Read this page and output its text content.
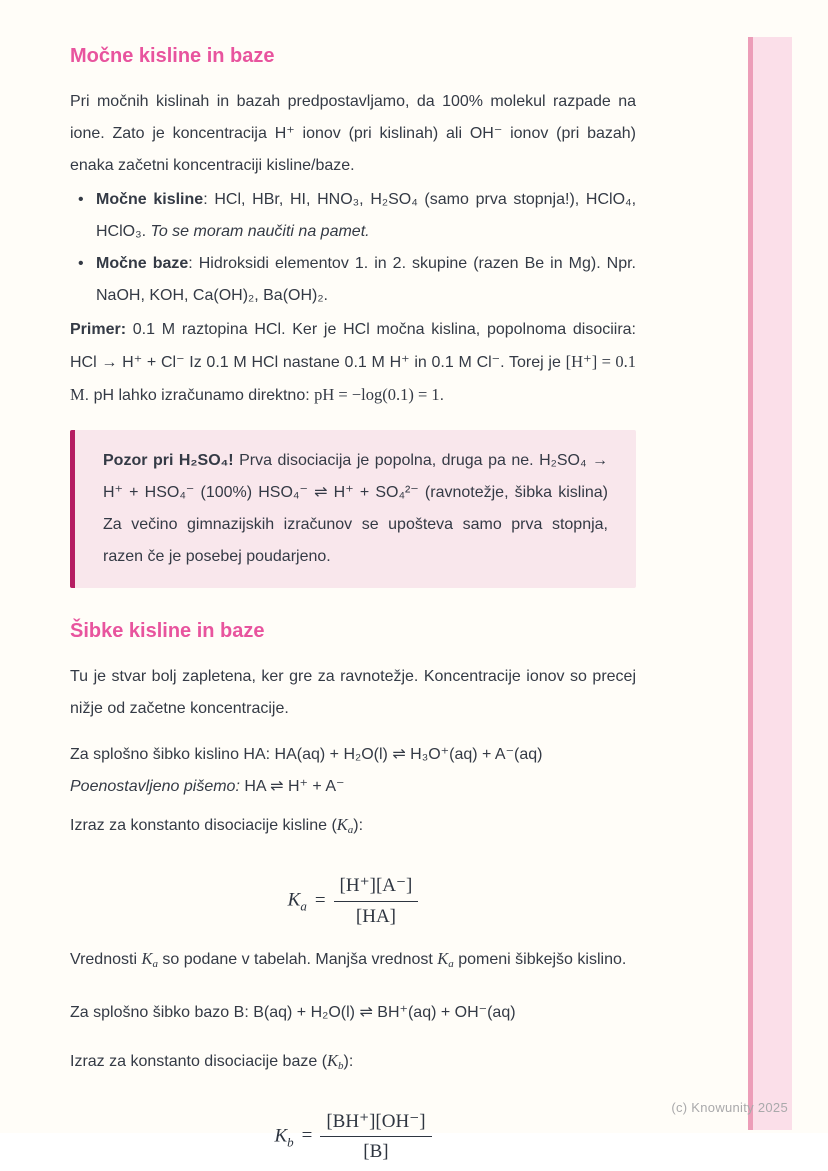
Močne kisline in baze

Pri močnih kislinah in bazah predpostavljamo, da 100% molekul razpade na ione. Zato je koncentracija H⁺ ionov (pri kislinah) ali OH⁻ ionov (pri bazah) enaka začetni koncentraciji kisline/baze.

• Močne kisline: HCl, HBr, HI, HNO₃, H₂SO₄ (samo prva stopnja!), HClO₄, HClO₃. To se moram naučiti na pamet.
• Močne baze: Hidroksidi elementov 1. in 2. skupine (razen Be in Mg). Npr. NaOH, KOH, Ca(OH)₂, Ba(OH)₂.

Primer: 0.1 M raztopina HCl. Ker je HCl močna kislina, popolnoma disociira: HCl → H⁺ + Cl⁻ Iz 0.1 M HCl nastane 0.1 M H⁺ in 0.1 M Cl⁻. Torej je [H⁺] = 0.1 M. pH lahko izračunamo direktno: pH = −log(0.1) = 1.

Pozor pri H₂SO₄! Prva disociacija je popolna, druga pa ne. H₂SO₄ → H⁺ + HSO₄⁻ (100%) HSO₄⁻ ⇌ H⁺ + SO₄²⁻ (ravnotežje, šibka kislina) Za večino gimnazijskih izračunov se upošteva samo prva stopnja, razen če je posebej poudarjeno.

Šibke kisline in baze

Tu je stvar bolj zapletena, ker gre za ravnotežje. Koncentracije ionov so precej nižje od začetne koncentracije.

Za splošno šibko kislino HA: HA(aq) + H₂O(l) ⇌ H₃O⁺(aq) + A⁻(aq)
Poenostavljeno pišemo: HA ⇌ H⁺ + A⁻

Izraz za konstanto disociacije kisline (Ka):

$K_a = \frac{[H^+][A^-]}{[HA]}$

Vrednosti Ka so podane v tabelah. Manjša vrednost Ka pomeni šibkejšo kislino.

Za splošno šibko bazo B: B(aq) + H₂O(l) ⇌ BH⁺(aq) + OH⁻(aq)

Izraz za konstanto disociacije baze (Kb):

$K_b = \frac{[BH^+][OH^-]}{[B]}$
(c) Knowunity 2025
